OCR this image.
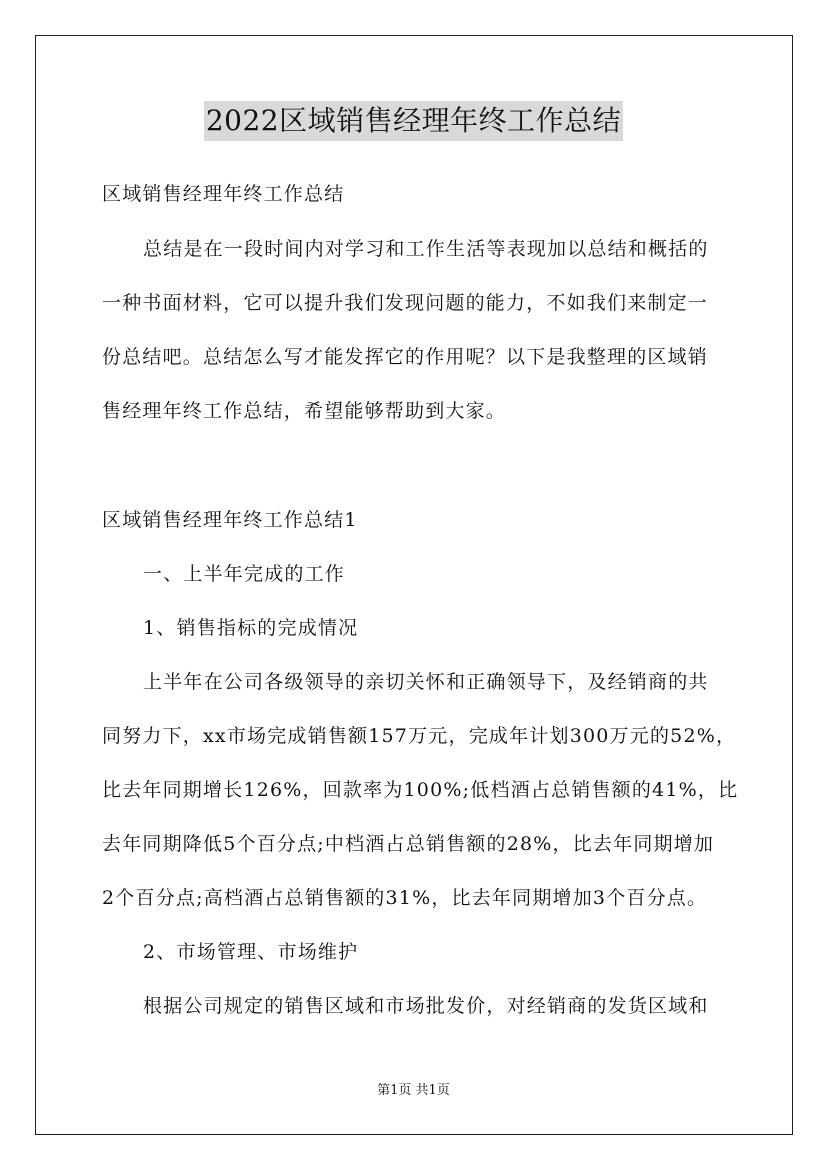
2022区域销售经理年终工作总结
区域销售经理年终工作总结
总结是在一段时间内对学习和工作生活等表现加以总结和概括的
一种书面材料，它可以提升我们发现问题的能力，不如我们来制定一
份总结吧。总结怎么写才能发挥它的作用呢？以下是我整理的区域销
售经理年终工作总结，希望能够帮助到大家。
区域销售经理年终工作总结1
一、上半年完成的工作
1、销售指标的完成情况
上半年在公司各级领导的亲切关怀和正确领导下，及经销商的共
同努力下，xx市场完成销售额157万元，完成年计划300万元的52%，
比去年同期增长126%，回款率为100%;低档酒占总销售额的41%，比
去年同期降低5个百分点;中档酒占总销售额的28%，比去年同期增加
2个百分点;高档酒占总销售额的31%，比去年同期增加3个百分点。
2、市场管理、市场维护
根据公司规定的销售区域和市场批发价，对经销商的发货区域和
第1页 共1页
